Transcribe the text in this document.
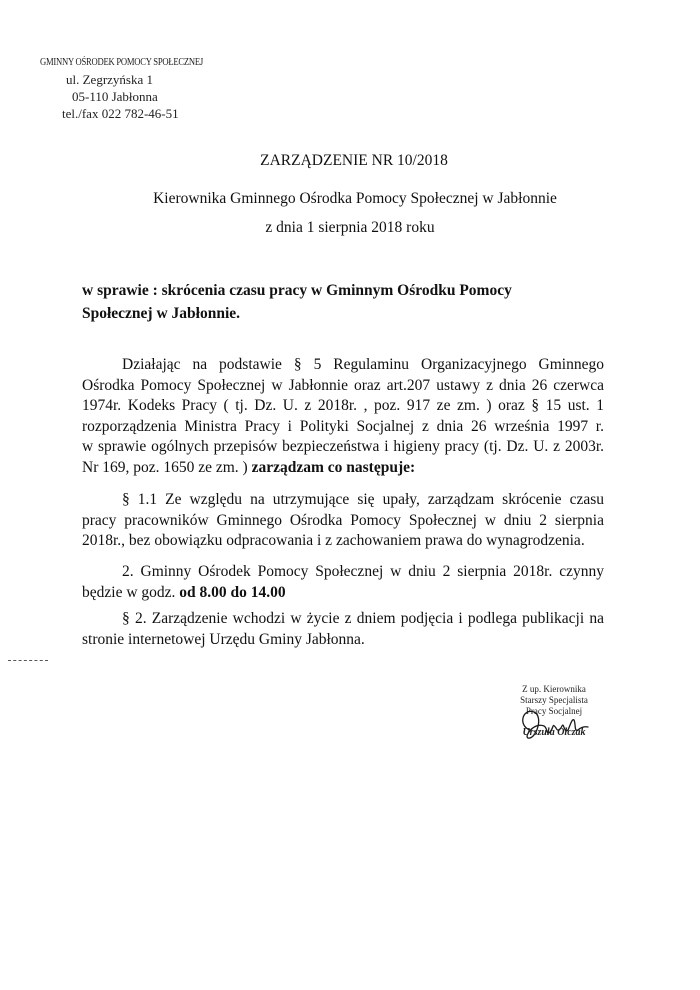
GMINNY OŚRODEK POMOCY SPOŁECZNEJ
ul. Zegrzyńska 1
05-110 Jabłonna
tel./fax 022 782-46-51
ZARZĄDZENIE NR 10/2018
Kierownika Gminnego Ośrodka Pomocy Społecznej w Jabłonnie
z dnia 1 sierpnia 2018 roku
w sprawie : skrócenia czasu pracy w Gminnym Ośrodku Pomocy
Społecznej w Jabłonnie.
Działając na podstawie § 5 Regulaminu Organizacyjnego Gminnego
Ośrodka Pomocy Społecznej w Jabłonnie oraz art.207 ustawy z dnia 26 czerwca
1974r. Kodeks Pracy ( tj. Dz. U. z 2018r. , poz. 917 ze zm. ) oraz § 15 ust. 1
rozporządzenia Ministra Pracy i Polityki Socjalnej z dnia 26 września 1997 r.
w sprawie ogólnych przepisów bezpieczeństwa i higieny pracy (tj. Dz. U. z 2003r.
Nr 169, poz. 1650 ze zm. ) zarządzam co następuje:
§ 1.1 Ze względu na utrzymujące się upały, zarządzam skrócenie czasu
pracy pracowników Gminnego Ośrodka Pomocy Społecznej w dniu 2 sierpnia
2018r., bez obowiązku odpracowania i z zachowaniem prawa do wynagrodzenia.
2. Gminny Ośrodek Pomocy Społecznej w dniu 2 sierpnia 2018r. czynny
będzie w godz. od 8.00 do 14.00
§ 2. Zarządzenie wchodzi w życie z dniem podjęcia i podlega publikacji na
stronie internetowej Urzędu Gminy Jabłonna.
Z up. Kierownika
Starszy Specjalista
Pracy Socjalnej
Urszula Olczak
